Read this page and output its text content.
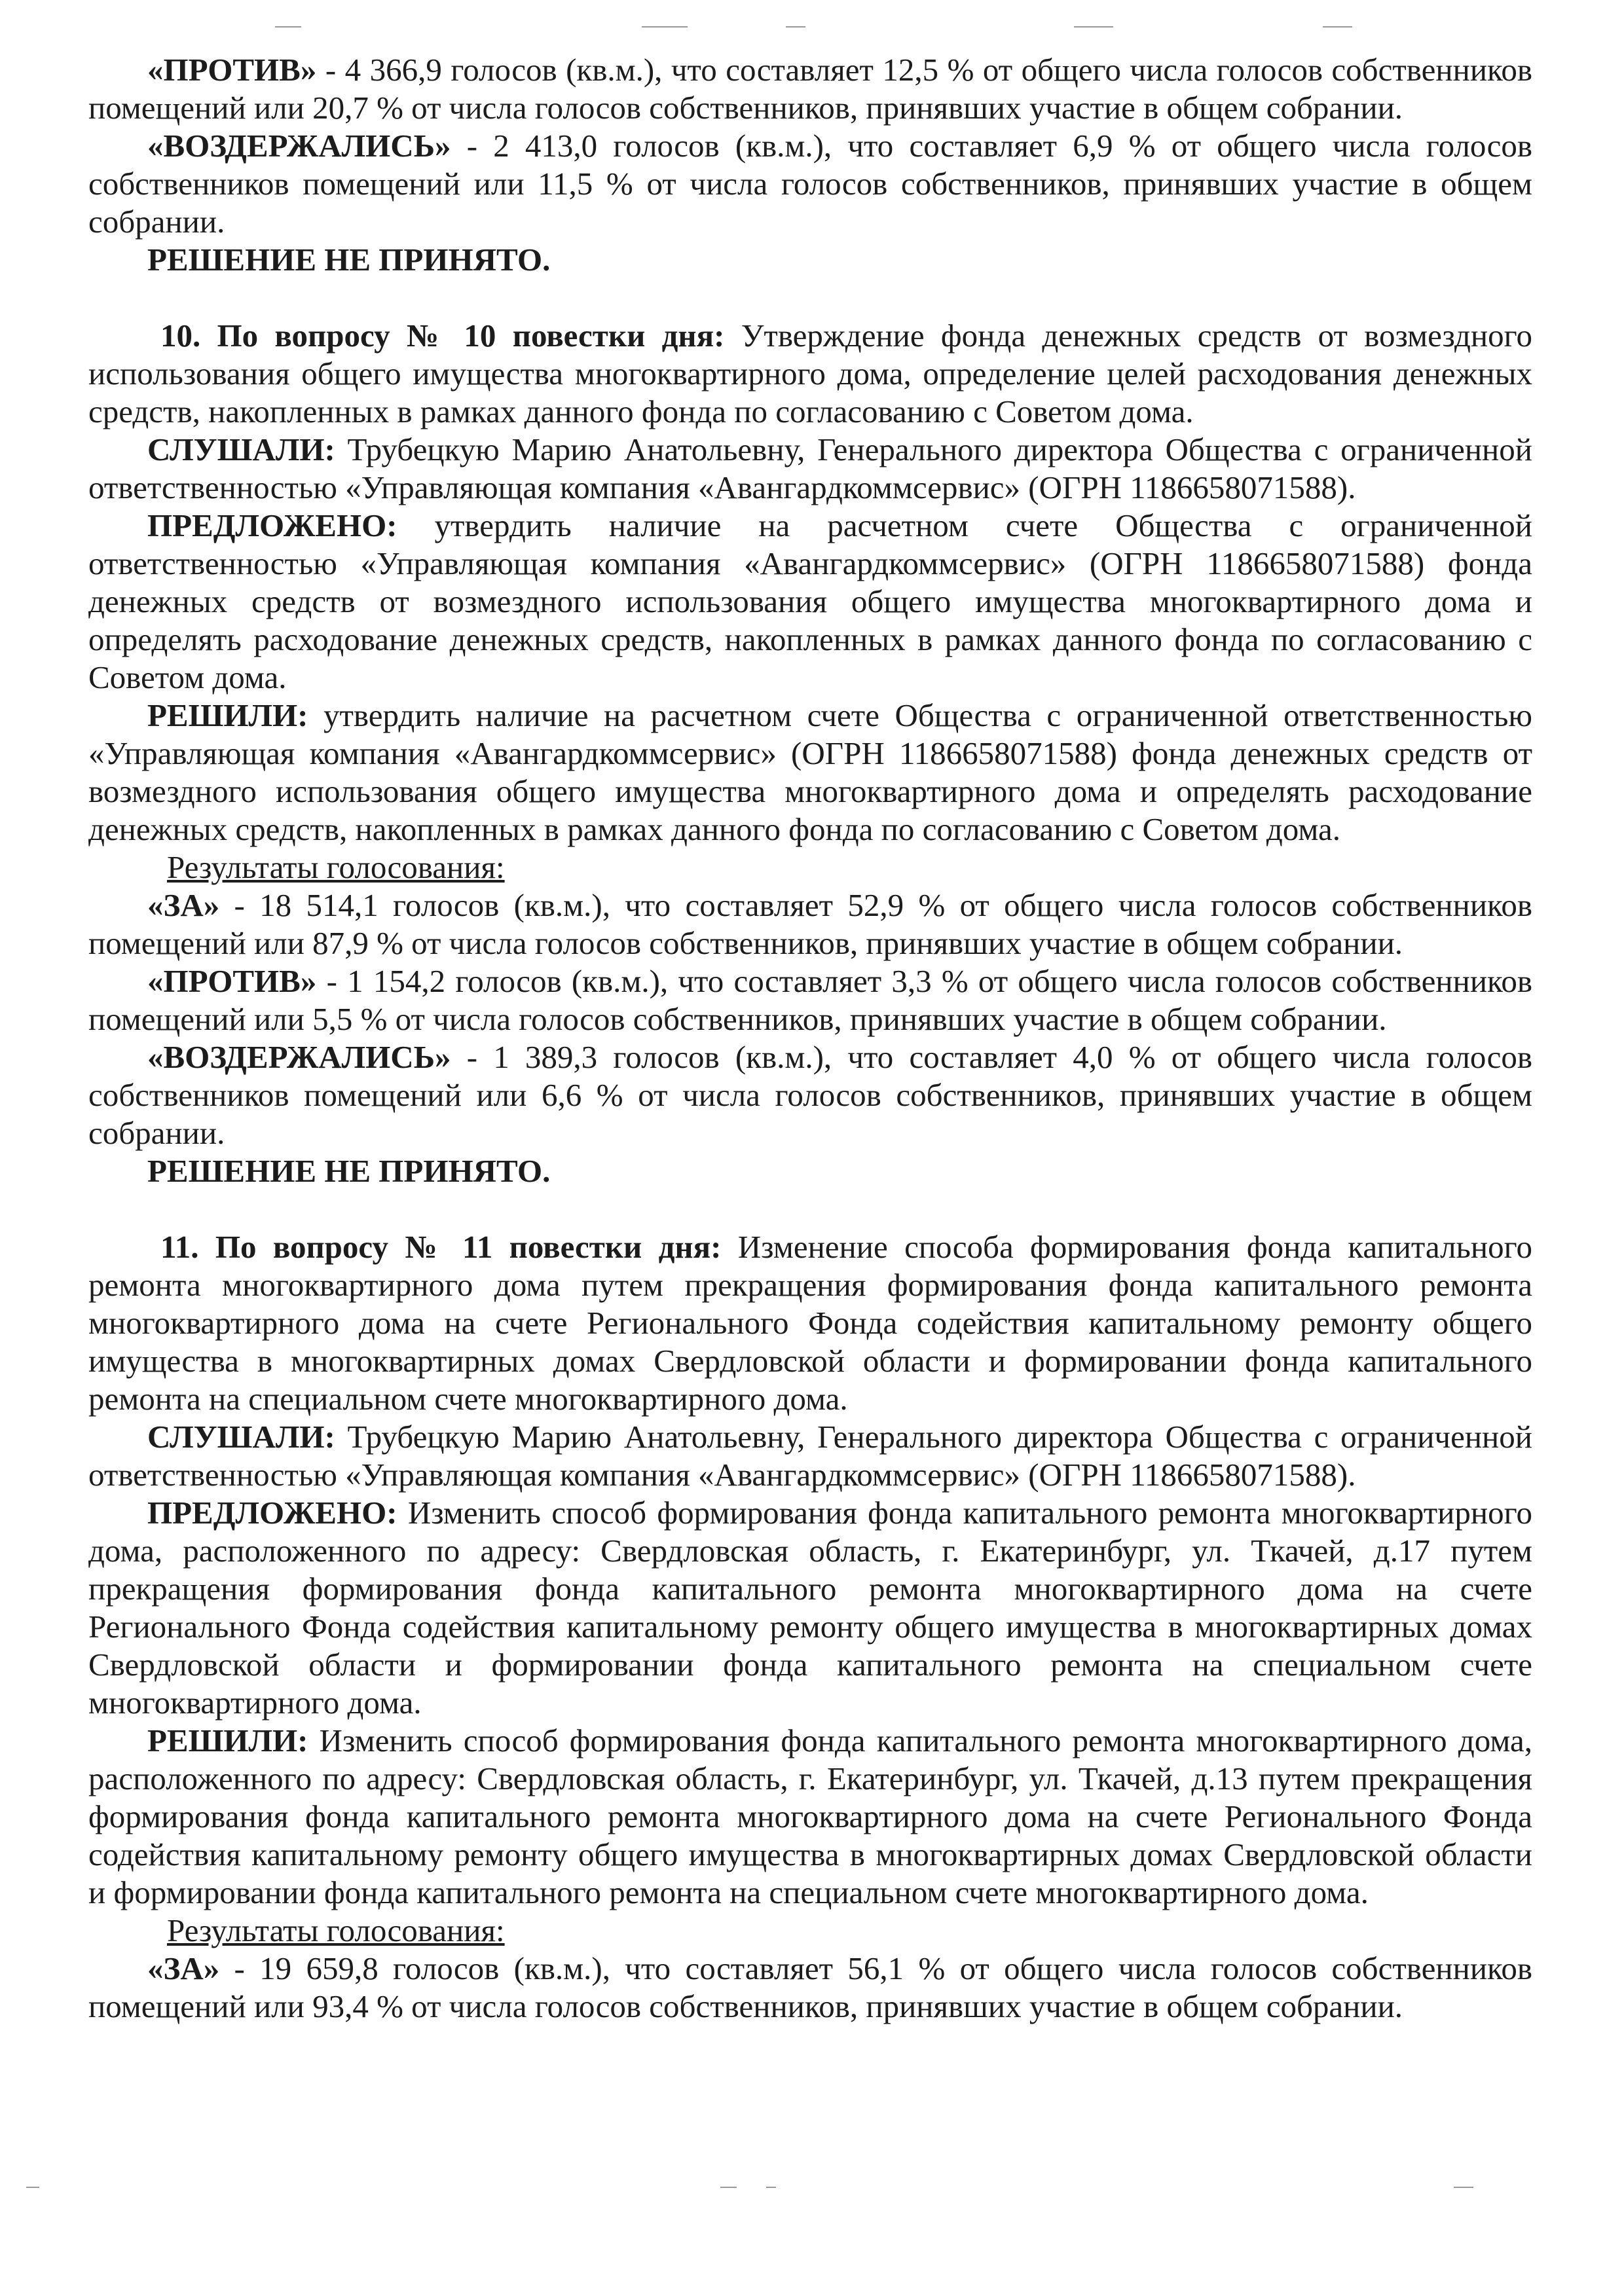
«ПРОТИВ» - 4 366,9 голосов (кв.м.), что составляет 12,5 % от общего числа голосов собственников помещений или 20,7 % от числа голосов собственников, принявших участие в общем собрании.

«ВОЗДЕРЖАЛИСЬ» - 2 413,0 голосов (кв.м.), что составляет 6,9 % от общего числа голосов собственников помещений или 11,5 % от числа голосов собственников, принявших участие в общем собрании.

РЕШЕНИЕ НЕ ПРИНЯТО.

10. По вопросу № 10 повестки дня: Утверждение фонда денежных средств от возмездного использования общего имущества многоквартирного дома, определение целей расходования денежных средств, накопленных в рамках данного фонда по согласованию с Советом дома.

СЛУШАЛИ: Трубецкую Марию Анатольевну, Генерального директора Общества с ограниченной ответственностью «Управляющая компания «Авангардкоммсервис» (ОГРН 1186658071588).

ПРЕДЛОЖЕНО: утвердить наличие на расчетном счете Общества с ограниченной ответственностью «Управляющая компания «Авангардкоммсервис» (ОГРН 1186658071588) фонда денежных средств от возмездного использования общего имущества многоквартирного дома и определять расходование денежных средств, накопленных в рамках данного фонда по согласованию с Советом дома.

РЕШИЛИ: утвердить наличие на расчетном счете Общества с ограниченной ответственностью «Управляющая компания «Авангардкоммсервис» (ОГРН 1186658071588) фонда денежных средств от возмездного использования общего имущества многоквартирного дома и определять расходование денежных средств, накопленных в рамках данного фонда по согласованию с Советом дома.

Результаты голосования:

«ЗА» - 18 514,1 голосов (кв.м.), что составляет 52,9 % от общего числа голосов собственников помещений или 87,9 % от числа голосов собственников, принявших участие в общем собрании.

«ПРОТИВ» - 1 154,2 голосов (кв.м.), что составляет 3,3 % от общего числа голосов собственников помещений или 5,5 % от числа голосов собственников, принявших участие в общем собрании.

«ВОЗДЕРЖАЛИСЬ» - 1 389,3 голосов (кв.м.), что составляет 4,0 % от общего числа голосов собственников помещений или 6,6 % от числа голосов собственников, принявших участие в общем собрании.

РЕШЕНИЕ НЕ ПРИНЯТО.

11. По вопросу № 11 повестки дня: Изменение способа формирования фонда капитального ремонта многоквартирного дома путем прекращения формирования фонда капитального ремонта многоквартирного дома на счете Регионального Фонда содействия капитальному ремонту общего имущества в многоквартирных домах Свердловской области и формировании фонда капитального ремонта на специальном счете многоквартирного дома.

СЛУШАЛИ: Трубецкую Марию Анатольевну, Генерального директора Общества с ограниченной ответственностью «Управляющая компания «Авангардкоммсервис» (ОГРН 1186658071588).

ПРЕДЛОЖЕНО: Изменить способ формирования фонда капитального ремонта многоквартирного дома, расположенного по адресу: Свердловская область, г. Екатеринбург, ул. Ткачей, д.17 путем прекращения формирования фонда капитального ремонта многоквартирного дома на счете Регионального Фонда содействия капитальному ремонту общего имущества в многоквартирных домах Свердловской области и формировании фонда капитального ремонта на специальном счете многоквартирного дома.

РЕШИЛИ: Изменить способ формирования фонда капитального ремонта многоквартирного дома, расположенного по адресу: Свердловская область, г. Екатеринбург, ул. Ткачей, д.13 путем прекращения формирования фонда капитального ремонта многоквартирного дома на счете Регионального Фонда содействия капитальному ремонту общего имущества в многоквартирных домах Свердловской области и формировании фонда капитального ремонта на специальном счете многоквартирного дома.

Результаты голосования:

«ЗА» - 19 659,8 голосов (кв.м.), что составляет 56,1 % от общего числа голосов собственников помещений или 93,4 % от числа голосов собственников, принявших участие в общем собрании.
